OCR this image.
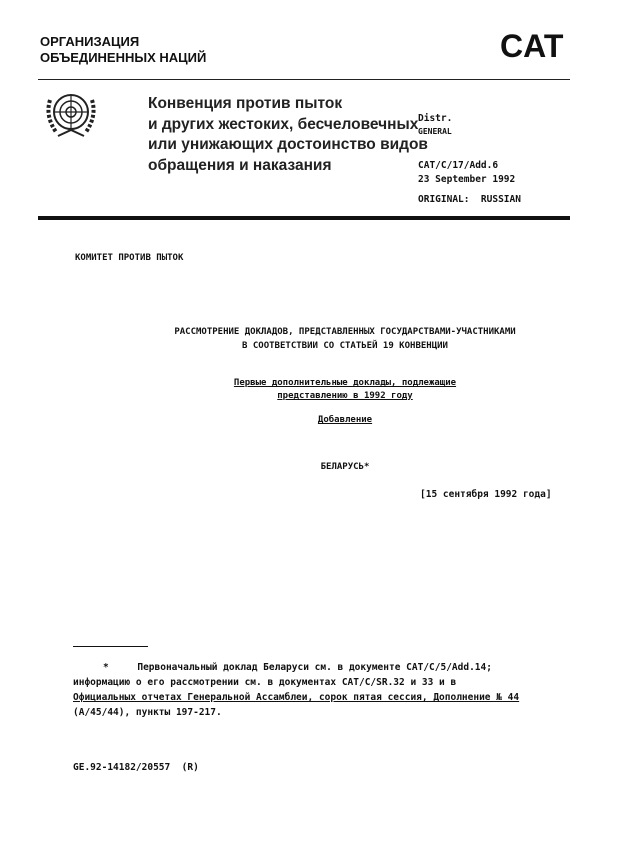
ОРГАНИЗАЦИЯ
ОБЪЕДИНЕННЫХ НАЦИЙ	CAT
Конвенция против пыток
и других жестоких, бесчеловечных
или унижающих достоинство видов
обращения и наказания
Distr.
GENERAL
CAT/C/17/Add.6
23 September 1992
ORIGINAL:  RUSSIAN
КОМИТЕТ ПРОТИВ ПЫТОК
РАССМОТРЕНИЕ ДОКЛАДОВ, ПРЕДСТАВЛЕННЫХ ГОСУДАРСТВАМИ-УЧАСТНИКАМИ
В СООТВЕТСТВИИ СО СТАТЬЕЙ 19 КОНВЕНЦИИ
Первые дополнительные доклады, подлежащие
представлению в 1992 году
Добавление
БЕЛАРУСЬ*
[15 сентября 1992 года]
*	Первоначальный доклад Беларуси см. в документе CAT/C/5/Add.14;
информацию о его рассмотрении см. в документах CAT/C/SR.32 и 33 и в
Официальных отчетах Генеральной Ассамблеи, сорок пятая сессия, Дополнение № 44
(A/45/44), пункты 197-217.
GE.92-14182/20557  (R)
